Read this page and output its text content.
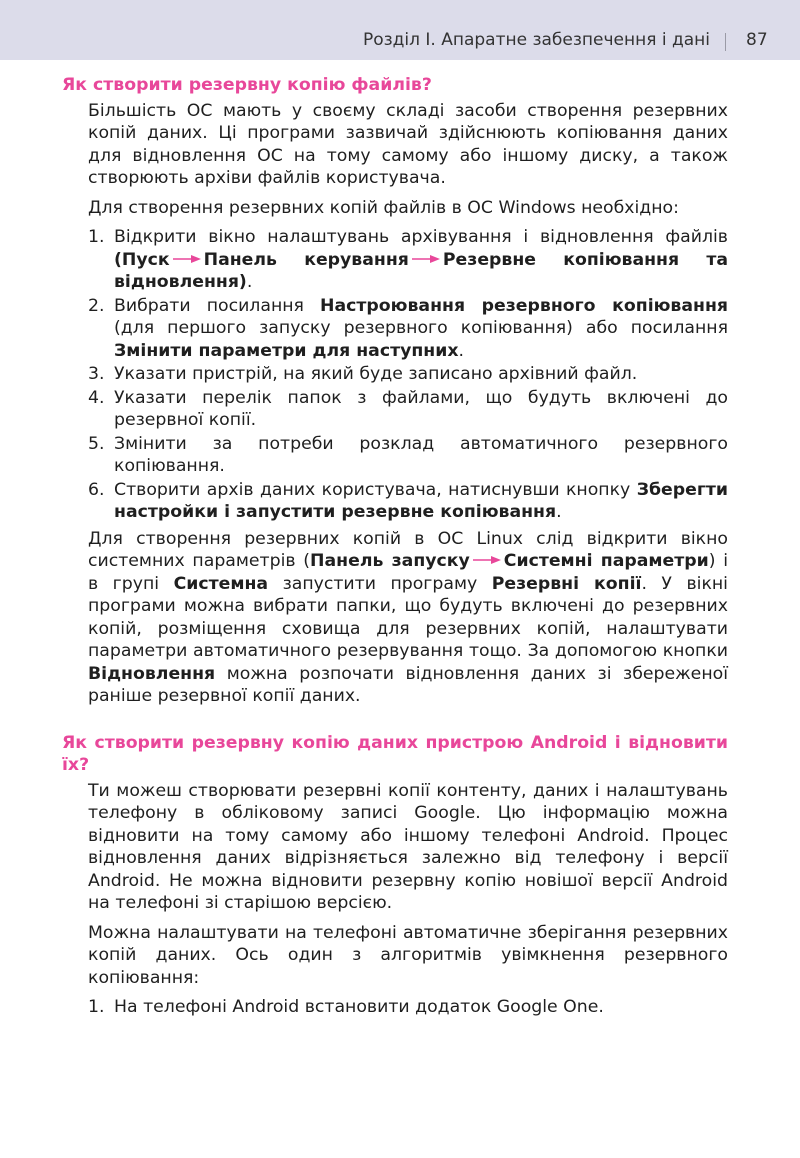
Розділ І. Апаратне забезпечення і дані 87
Як створити резервну копію файлів?

Більшість ОС мають у своєму складі засоби створення резервних копій даних. Ці програми зазвичай здійснюють копіювання даних для відновлення ОС на тому самому або іншому диску, а також створюють архіви файлів користувача.

Для створення резервних копій файлів в ОС Windows необхідно:

1. Відкрити вікно налаштувань архівування і відновлення файлів (Пуск Панель керування Резервне копіювання та відновлення).
2. Вибрати посилання Настроювання резервного копіювання (для першого запуску резервного копіювання) або посилання Змінити параметри для наступних.
3. Указати пристрій, на який буде записано архівний файл.
4. Указати перелік папок з файлами, що будуть включені до резервної копії.
5. Змінити за потреби розклад автоматичного резервного копіювання.
6. Створити архів даних користувача, натиснувши кнопку Зберегти настройки і запустити резервне копіювання.

Для створення резервних копій в ОС Linux слід відкрити вікно системних параметрів (Панель запуску Системні параметри) і в групі Системна запустити програму Резервні копії. У вікні програми можна вибрати папки, що будуть включені до резервних копій, розміщення сховища для резервних копій, налаштувати параметри автоматичного резервування тощо. За допомогою кнопки Відновлення можна розпочати відновлення даних зі збереженої раніше резервної копії даних.

Як створити резервну копію даних пристрою Android і відновити їх?

Ти можеш створювати резервні копії контенту, даних і налаштувань телефону в обліковому записі Google. Цю інформацію можна відновити на тому самому або іншому телефоні Android. Процес відновлення даних відрізняється залежно від телефону і версії Android. Не можна відновити резервну копію новішої версії Android на телефоні зі старішою версією.

Можна налаштувати на телефоні автоматичне зберігання резервних копій даних. Ось один з алгоритмів увімкнення резервного копіювання:

1. На телефоні Android встановити додаток Google One.
